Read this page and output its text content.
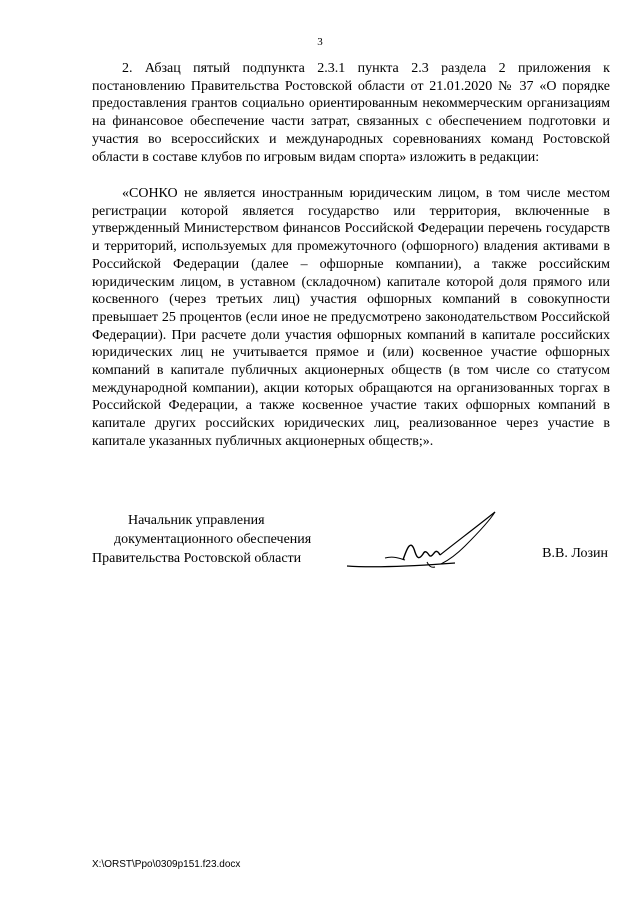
3

2. Абзац пятый подпункта 2.3.1 пункта 2.3 раздела 2 приложения к постановлению Правительства Ростовской области от 21.01.2020 № 37 «О порядке предоставления грантов социально ориентированным некоммерческим организациям на финансовое обеспечение части затрат, связанных с обеспечением подготовки и участия во всероссийских и международных соревнованиях команд Ростовской области в составе клубов по игровым видам спорта» изложить в редакции:

«СОНКО не является иностранным юридическим лицом, в том числе местом регистрации которой является государство или территория, включенные в утвержденный Министерством финансов Российской Федерации перечень государств и территорий, используемых для промежуточного (офшорного) владения активами в Российской Федерации (далее – офшорные компании), а также российским юридическим лицом, в уставном (складочном) капитале которой доля прямого или косвенного (через третьих лиц) участия офшорных компаний в совокупности превышает 25 процентов (если иное не предусмотрено законодательством Российской Федерации). При расчете доли участия офшорных компаний в капитале российских юридических лиц не учитывается прямое и (или) косвенное участие офшорных компаний в капитале публичных акционерных обществ (в том числе со статусом международной компании), акции которых обращаются на организованных торгах в Российской Федерации, а также косвенное участие таких офшорных компаний в капитале других российских юридических лиц, реализованное через участие в капитале указанных публичных акционерных обществ;».

Начальник управления
документационного обеспечения
Правительства Ростовской области	В.В. Лозин
X:\ORST\Ppo\0309p151.f23.docx
